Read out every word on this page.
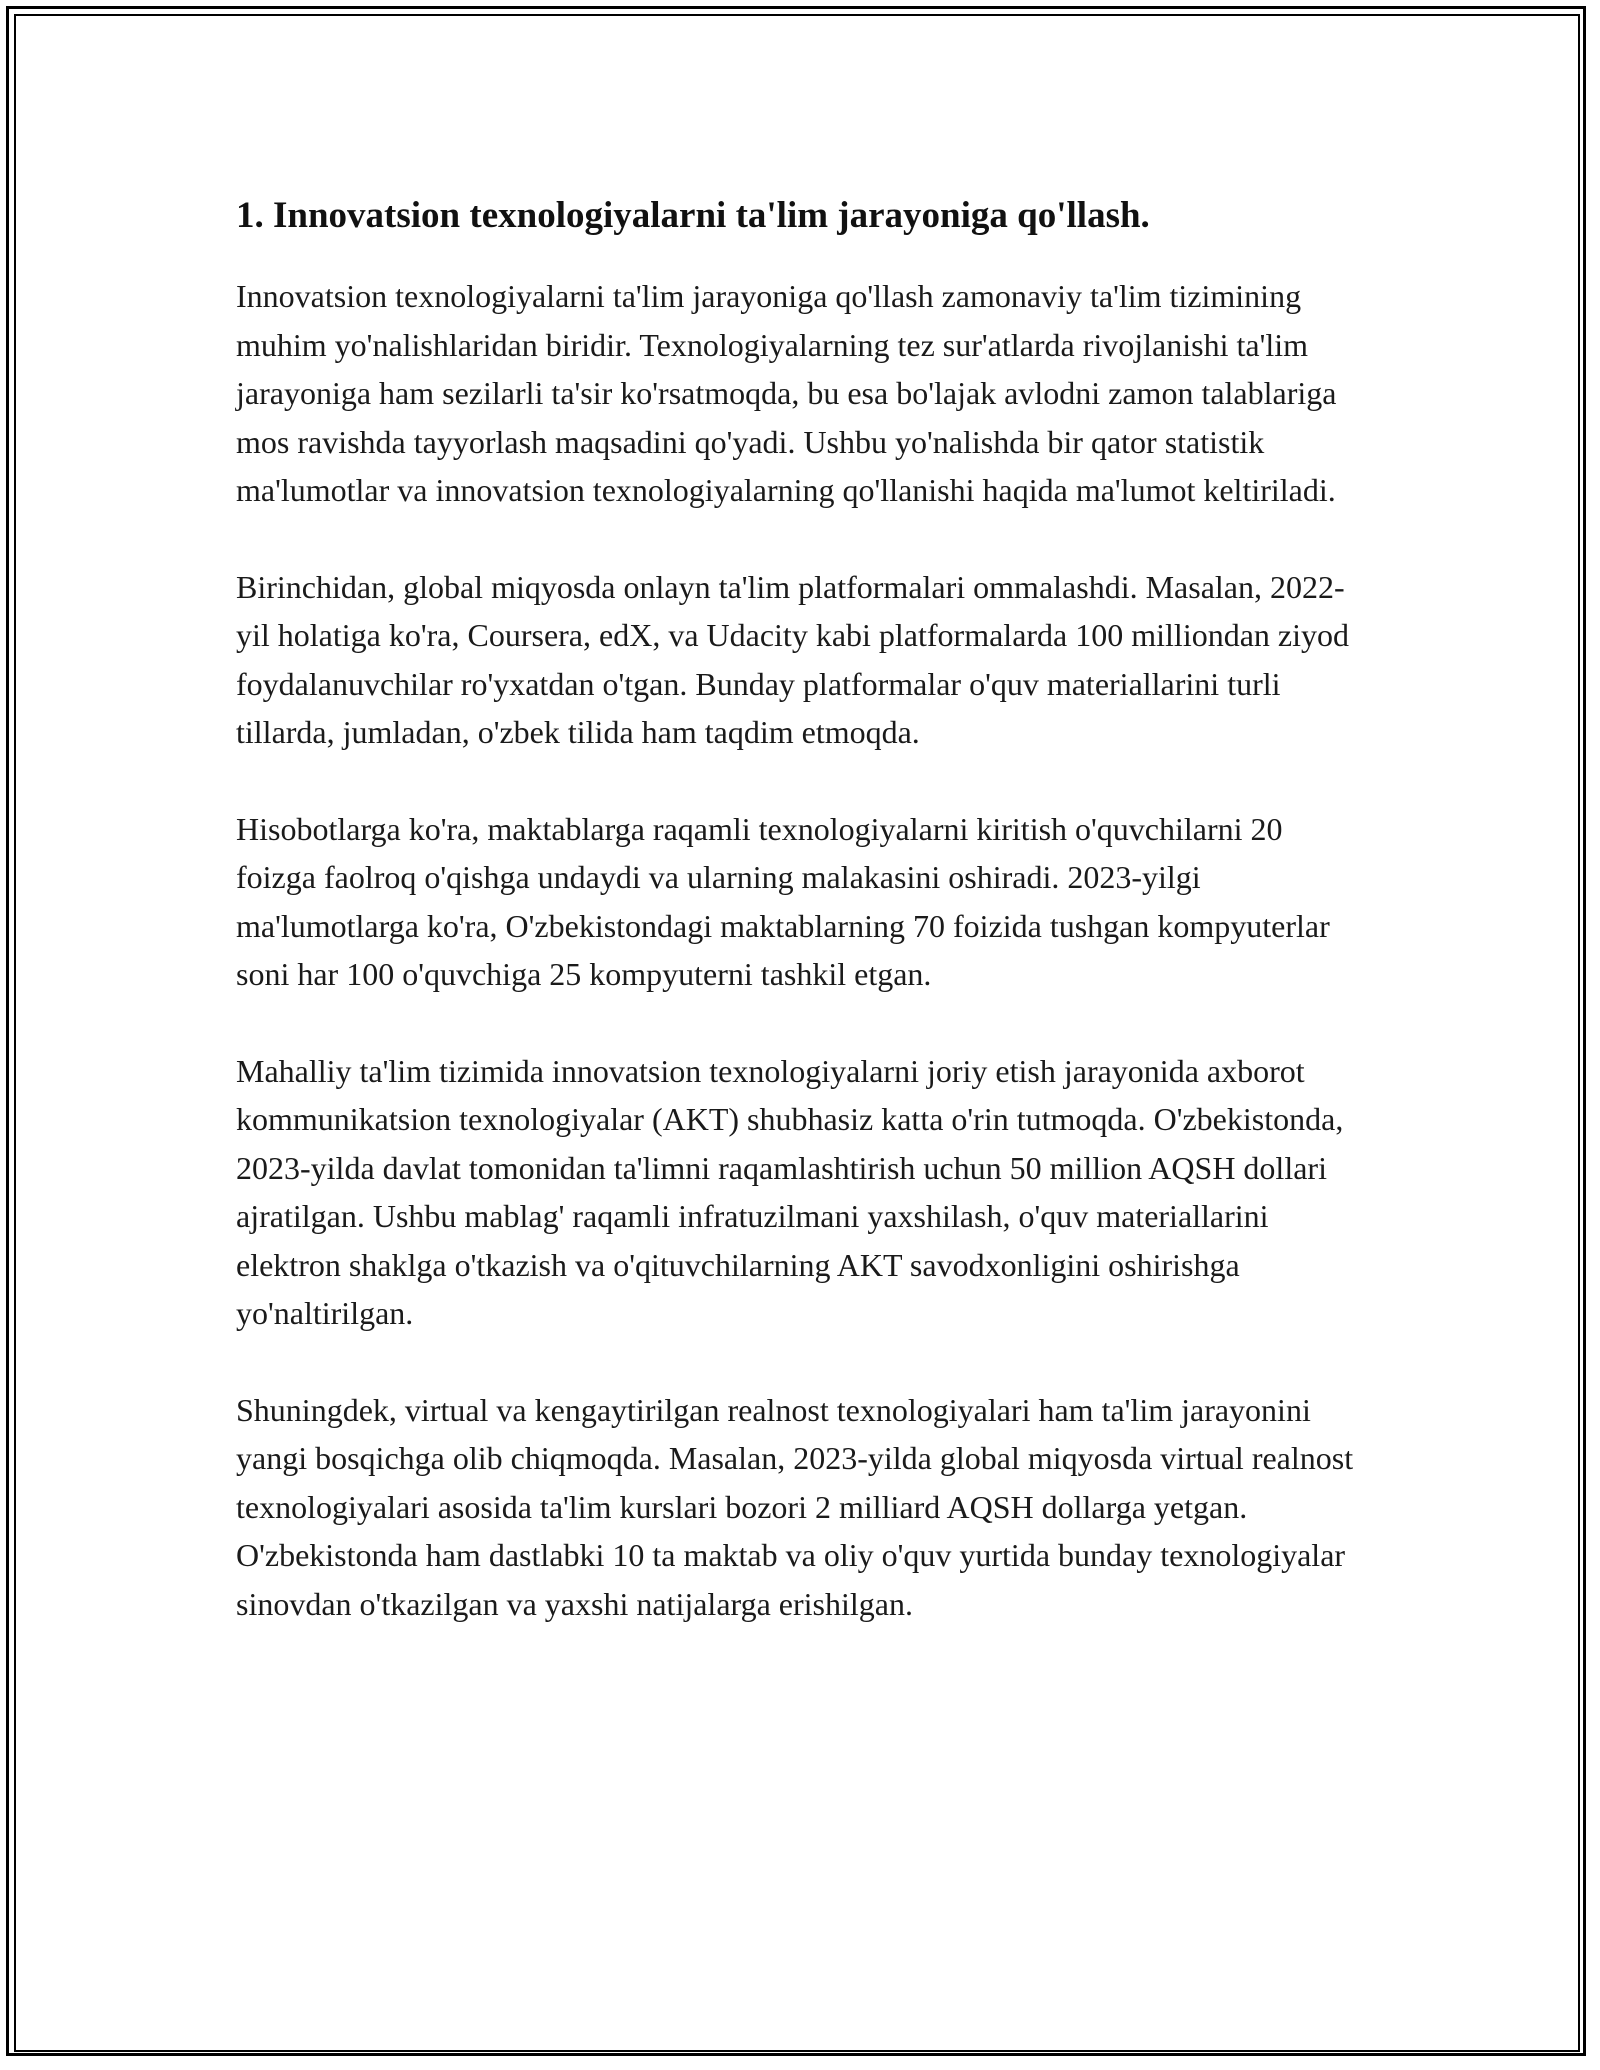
1. Innovatsion texnologiyalarni ta'lim jarayoniga qo'llash.

Innovatsion texnologiyalarni ta'lim jarayoniga qo'llash zamonaviy ta'lim tizimining muhim yo'nalishlaridan biridir. Texnologiyalarning tez sur'atlarda rivojlanishi ta'lim jarayoniga ham sezilarli ta'sir ko'rsatmoqda, bu esa bo'lajak avlodni zamon talablariga mos ravishda tayyorlash maqsadini qo'yadi. Ushbu yo'nalishda bir qator statistik ma'lumotlar va innovatsion texnologiyalarning qo'llanishi haqida ma'lumot keltiriladi.

Birinchidan, global miqyosda onlayn ta'lim platformalari ommalashdi. Masalan, 2022-yil holatiga ko'ra, Coursera, edX, va Udacity kabi platformalarda 100 milliondan ziyod foydalanuvchilar ro'yxatdan o'tgan. Bunday platformalar o'quv materiallarini turli tillarda, jumladan, o'zbek tilida ham taqdim etmoqda.

Hisobotlarga ko'ra, maktablarga raqamli texnologiyalarni kiritish o'quvchilarni 20 foizga faolroq o'qishga undaydi va ularning malakasini oshiradi. 2023-yilgi ma'lumotlarga ko'ra, O'zbekistondagi maktablarning 70 foizida tushgan kompyuterlar soni har 100 o'quvchiga 25 kompyuterni tashkil etgan.

Mahalliy ta'lim tizimida innovatsion texnologiyalarni joriy etish jarayonida axborot kommunikatsion texnologiyalar (AKT) shubhasiz katta o'rin tutmoqda. O'zbekistonda, 2023-yilda davlat tomonidan ta'limni raqamlashtirish uchun 50 million AQSH dollari ajratilgan. Ushbu mablag' raqamli infratuzilmani yaxshilash, o'quv materiallarini elektron shaklga o'tkazish va o'qituvchilarning AKT savodxonligini oshirishga yo'naltirilgan.

Shuningdek, virtual va kengaytirilgan realnost texnologiyalari ham ta'lim jarayonini yangi bosqichga olib chiqmoqda. Masalan, 2023-yilda global miqyosda virtual realnost texnologiyalari asosida ta'lim kurslari bozori 2 milliard AQSH dollarga yetgan. O'zbekistonda ham dastlabki 10 ta maktab va oliy o'quv yurtida bunday texnologiyalar sinovdan o'tkazilgan va yaxshi natijalarga erishilgan.
